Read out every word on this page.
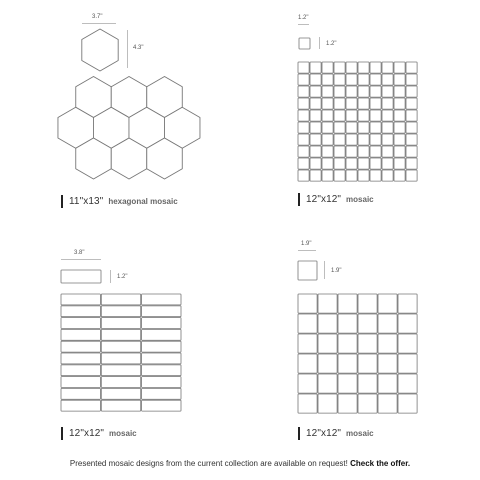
3.7"
4.3"
11"x13" hexagonal mosaic
1.2"
1.2"
12"x12" mosaic
3.8"
1.2"
12"x12" mosaic
1.9"
1.9"
12"x12" mosaic
Presented mosaic designs from the current collection are available on request! Check the offer.
